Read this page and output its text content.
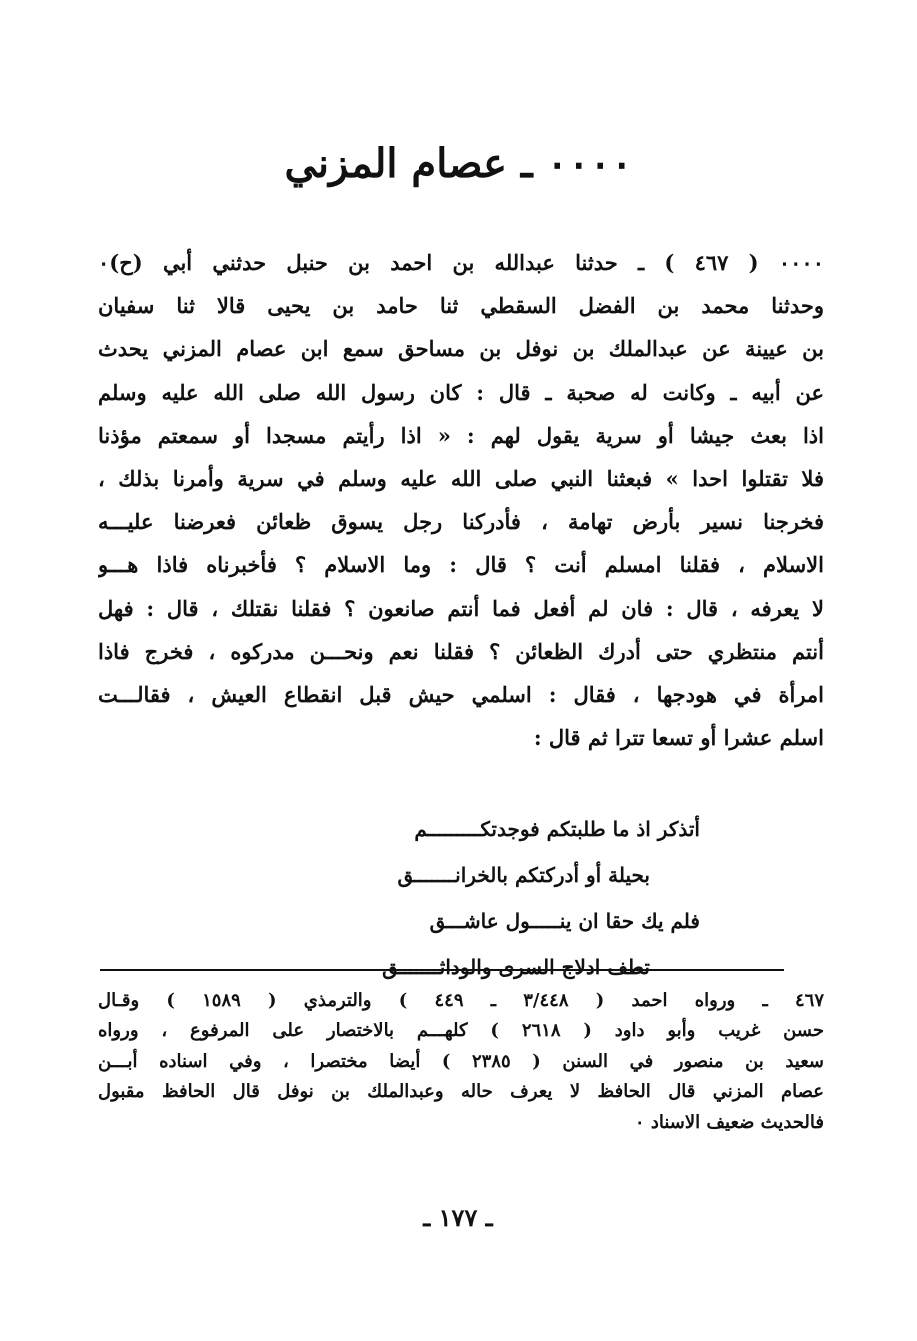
٠٠٠٠ ـ عصام المزني
٠٠٠٠ ( ٤٦٧ ) ـ حدثنا عبدالله بن احمد بن حنبل حدثني أبي (ح)٠
وحدثنا محمد بن الفضل السقطي ثنا حامد بن يحيى قالا ثنا سفيان
بن عيينة عن عبدالملك بن نوفل بن مساحق سمع ابن عصام المزني يحدث
عن أبيه ـ وكانت له صحبة ـ قال : كان رسول الله صلى الله عليه وسلم
اذا بعث جيشا أو سرية يقول لهم : « اذا رأيتم مسجدا أو سمعتم مؤذنا
فلا تقتلوا احدا » فبعثنا النبي صلى الله عليه وسلم في سرية وأمرنا بذلك ،
فخرجنا نسير بأرض تهامة ، فأدركنا رجل يسوق ظعائن فعرضنا عليـــه
الاسلام ، فقلنا امسلم أنت ؟ قال : وما الاسلام ؟ فأخبرناه فاذا هـــو
لا يعرفه ، قال : فان لم أفعل فما أنتم صانعون ؟ فقلنا نقتلك ، قال : فهل
أنتم منتظري حتى أدرك الظعائن ؟ فقلنا نعم ونحـــن مدركوه ، فخرج فاذا
امرأة في هودجها ، فقال : اسلمي حيش قبل انقطاع العيش ، فقالـــت
اسلم عشرا أو تسعا تترا ثم قال :
أتذكر اذ ما طلبتكم فوجدتكـــــــــم
بحيلة أو أدركتكم بالخرانـــــــق
فلم يك حقا ان ينـــــول عاشـــق
تطف ادلاج السرى والوداثـــــــق
٤٦٧ ـ ورواه احمد ( ٣/٤٤٨ ـ ٤٤٩ ) والترمذي ( ١٥٨٩ ) وقـال
حسن غريب وأبو داود ( ٢٦١٨ ) كلهـــم بالاختصار على المرفوع ، ورواه
سعيد بن منصور في السنن ( ٢٣٨٥ ) أيضا مختصرا ، وفي اسناده أبـــن
عصام المزني قال الحافظ لا يعرف حاله وعبدالملك بن نوفل قال الحافظ مقبول
فالحديث ضعيف الاسناد ٠
ـ ١٧٧ ـ
